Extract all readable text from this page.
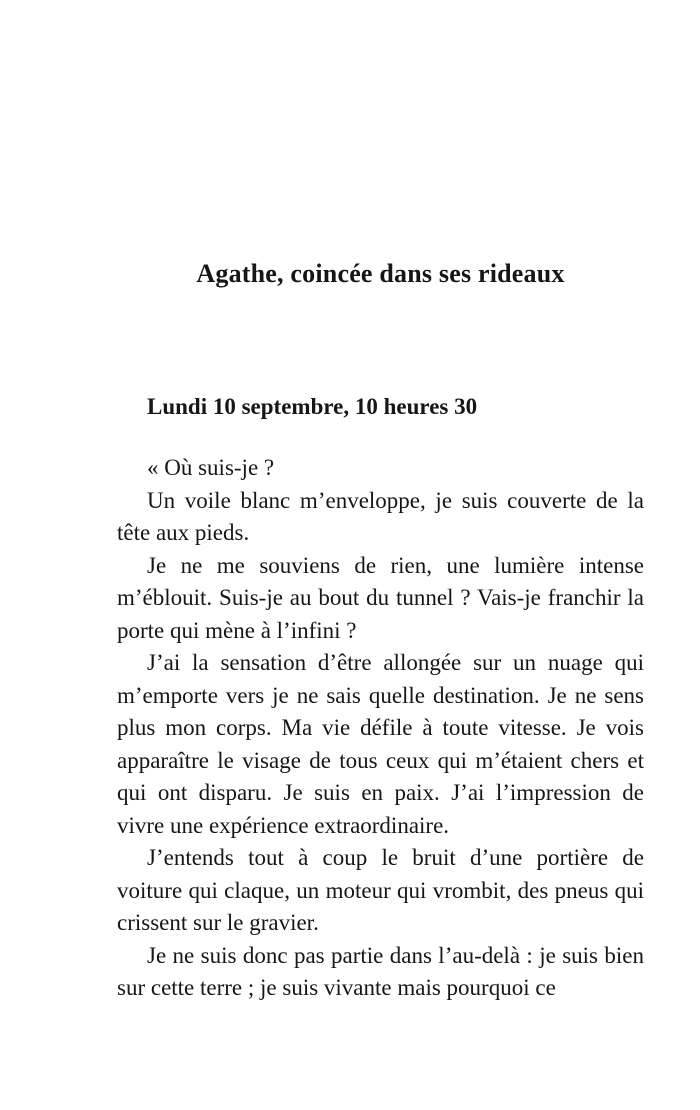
Agathe, coincée dans ses rideaux
Lundi 10 septembre, 10 heures 30

« Où suis-je ?

Un voile blanc m’enveloppe, je suis couverte de la tête aux pieds.

Je ne me souviens de rien, une lumière intense m’éblouit. Suis-je au bout du tunnel ? Vais-je franchir la porte qui mène à l’infini ?

J’ai la sensation d’être allongée sur un nuage qui m’emporte vers je ne sais quelle destination. Je ne sens plus mon corps. Ma vie défile à toute vitesse. Je vois apparaître le visage de tous ceux qui m’étaient chers et qui ont disparu. Je suis en paix. J’ai l’impression de vivre une expérience extraordinaire.

J’entends tout à coup le bruit d’une portière de voiture qui claque, un moteur qui vrombit, des pneus qui crissent sur le gravier.

Je ne suis donc pas partie dans l’au-delà : je suis bien sur cette terre ; je suis vivante mais pourquoi ce
